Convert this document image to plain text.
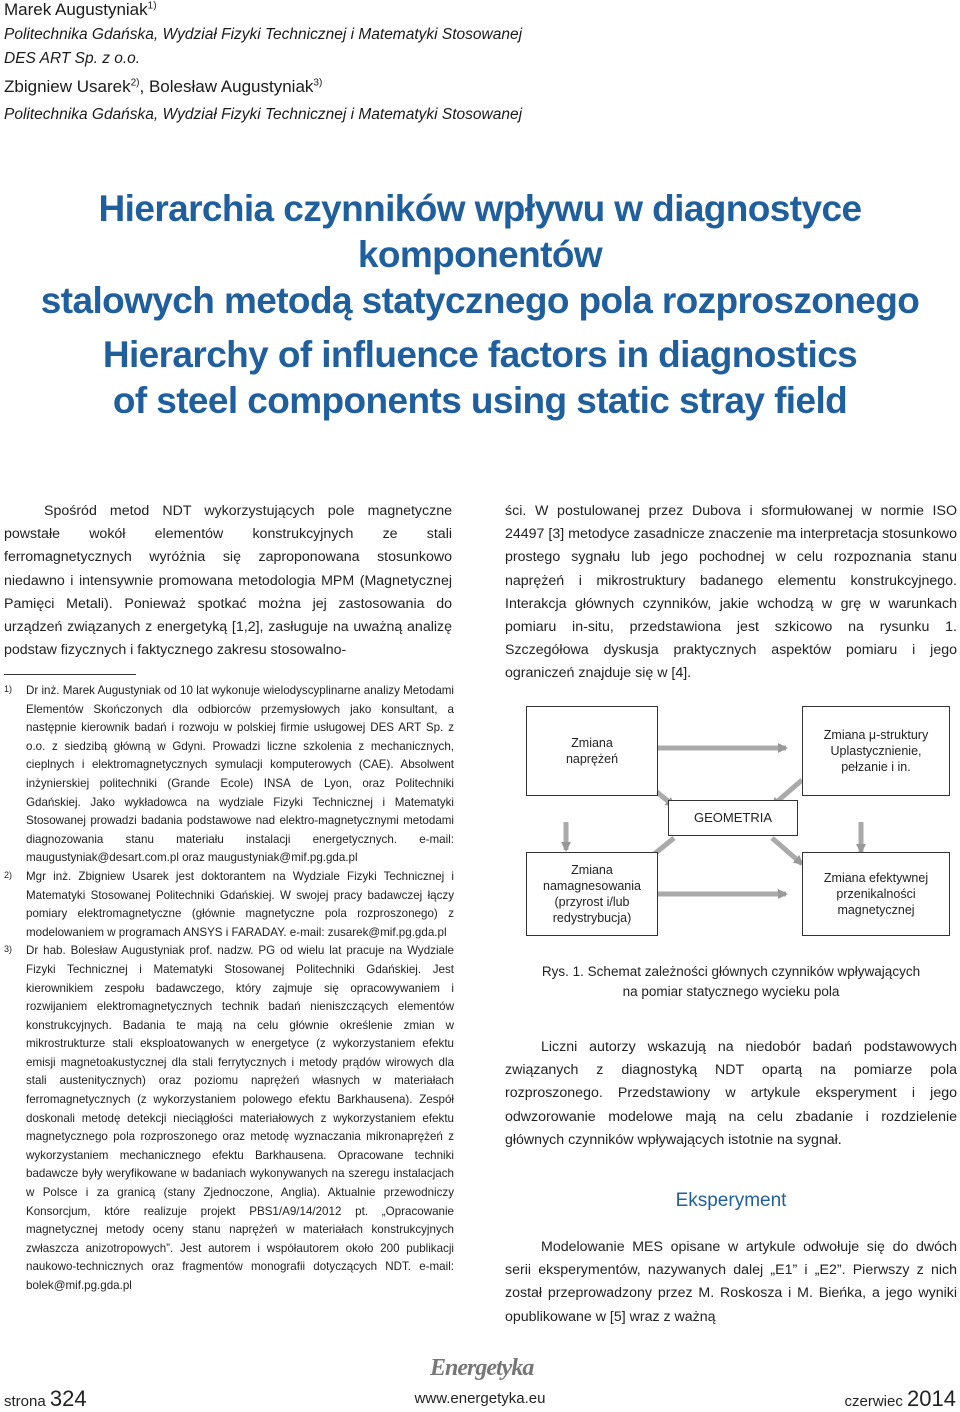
Marek Augustyniak$^{1)}$
Politechnika Gdańska, Wydział Fizyki Technicznej i Matematyki Stosowanej
DES ART Sp. z o.o.
Zbigniew Usarek$^{2)}$, Bolesław Augustyniak$^{3)}$
Politechnika Gdańska, Wydział Fizyki Technicznej i Matematyki Stosowanej
Hierarchia czynników wpływu w diagnostyce komponentów
stalowych metodą statycznego pola rozproszonego
Hierarchy of influence factors in diagnostics
of steel components using static stray field

Spośród metod NDT wykorzystujących pole magnetyczne powstałe wokół elementów konstrukcyjnych ze stali ferromagnetycznych wyróżnia się zaproponowana stosunkowo niedawno i intensywnie promowana metodologia MPM (Magnetycznej Pamięci Metali). Ponieważ spotkać można jej zastosowania do urządzeń związanych z energetyką [1,2], zasługuje na uważną analizę podstaw fizycznych i faktycznego zakresu stosowalno-

1) Dr inż. Marek Augustyniak od 10 lat wykonuje wielodyscyplinarne analizy Metodami Elementów Skończonych dla odbiorców przemysłowych jako konsultant, a następnie kierownik badań i rozwoju w polskiej firmie usługowej DES ART Sp. z o.o. z siedzibą główną w Gdyni. Prowadzi liczne szkolenia z mechanicznych, cieplnych i elektromagnetycznych symulacji komputerowych (CAE). Absolwent inżynierskiej politechniki (Grande Ecole) INSA de Lyon, oraz Politechniki Gdańskiej. Jako wykładowca na wydziale Fizyki Technicznej i Matematyki Stosowanej prowadzi badania podstawowe nad elektro-magnetycznymi metodami diagnozowania stanu materiału instalacji energetycznych. e-mail: maugustyniak@desart.com.pl oraz maugustyniak@mif.pg.gda.pl
2) Mgr inż. Zbigniew Usarek jest doktorantem na Wydziale Fizyki Technicznej i Matematyki Stosowanej Politechniki Gdańskiej. W swojej pracy badawczej łączy pomiary elektromagnetyczne (głównie magnetyczne pola rozproszonego) z modelowaniem w programach ANSYS i FARADAY. e-mail: zusarek@mif.pg.gda.pl
3) Dr hab. Bolesław Augustyniak prof. nadzw. PG od wielu lat pracuje na Wydziale Fizyki Technicznej i Matematyki Stosowanej Politechniki Gdańskiej. Jest kierownikiem zespołu badawczego, który zajmuje się opracowywaniem i rozwijaniem elektromagnetycznych technik badań nieniszczących elementów konstrukcyjnych. Badania te mają na celu głównie określenie zmian w mikrostrukturze stali eksploatowanych w energetyce (z wykorzystaniem efektu emisji magnetoakustycznej dla stali ferrytycznych i metody prądów wirowych dla stali austenitycznych) oraz poziomu naprężeń własnych w materiałach ferromagnetycznych (z wykorzystaniem polowego efektu Barkhausena). Zespół doskonali metodę detekcji nieciągłości materiałowych z wykorzystaniem efektu magnetycznego pola rozproszonego oraz metodę wyznaczania mikronaprężeń z wykorzystaniem mechanicznego efektu Barkhausena. Opracowane techniki badawcze były weryfikowane w badaniach wykonywanych na szeregu instalacjach w Polsce i za granicą (stany Zjednoczone, Anglia). Aktualnie przewodniczy Konsorcjum, które realizuje projekt PBS1/A9/14/2012 pt. „Opracowanie magnetycznej metody oceny stanu naprężeń w materiałach konstrukcyjnych zwłaszcza anizotropowych”. Jest autorem i współautorem około 200 publikacji naukowo-technicznych oraz fragmentów monografii dotyczących NDT. e-mail: bolek@mif.pg.gda.pl

ści. W postulowanej przez Dubova i sformułowanej w normie ISO 24497 [3] metodyce zasadnicze znaczenie ma interpretacja stosunkowo prostego sygnału lub jego pochodnej w celu rozpoznania stanu naprężeń i mikrostruktury badanego elementu konstrukcyjnego. Interakcja głównych czynników, jakie wchodzą w grę w warunkach pomiaru in-situ, przedstawiona jest szkicowo na rysunku 1. Szczegółowa dyskusja praktycznych aspektów pomiaru i jego ograniczeń znajduje się w [4].

Zmiana
naprężeń
Zmiana μ-struktury
Uplastycznienie,
pełzanie i in.
GEOMETRIA
Zmiana
namagnesowania
(przyrost i/lub
redystrybucja)
Zmiana efektywnej
przenikalności
magnetycznej
Rys. 1. Schemat zależności głównych czynników wpływających
na pomiar statycznego wycieku pola

Liczni autorzy wskazują na niedobór badań podstawowych związanych z diagnostyką NDT opartą na pomiarze pola rozproszonego. Przedstawiony w artykule eksperyment i jego odwzorowanie modelowe mają na celu zbadanie i rozdzielenie głównych czynników wpływających istotnie na sygnał.

Eksperyment

Modelowanie MES opisane w artykule odwołuje się do dwóch serii eksperymentów, nazywanych dalej „E1” i „E2”. Pierwszy z nich został przeprowadzony przez M. Roskosza i M. Bieńka, a jego wyniki opublikowane w [5] wraz z ważną

strona 324
Energetyka
www.energetyka.eu	czerwiec 2014
